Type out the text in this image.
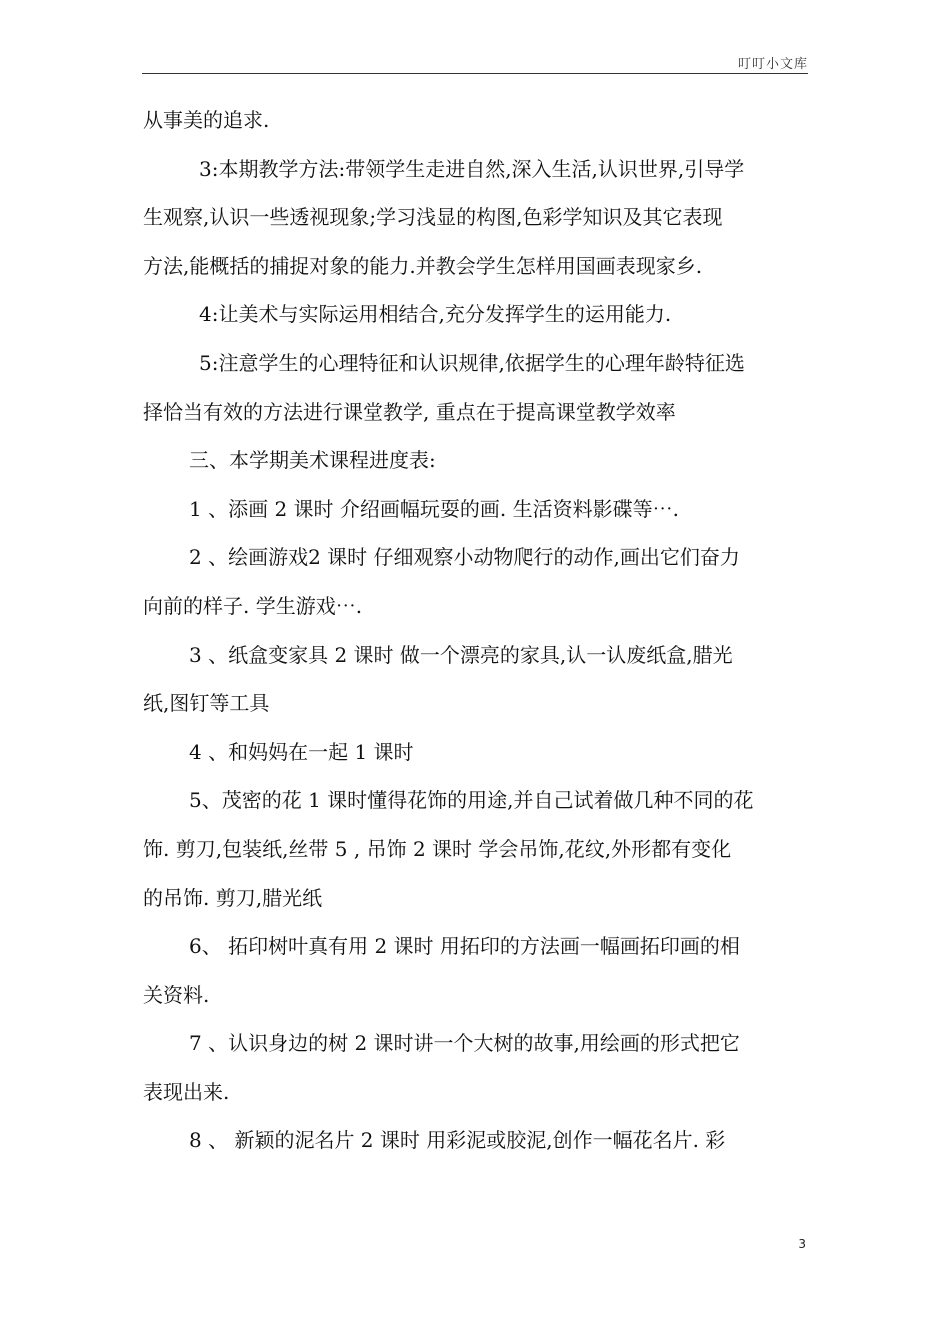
叮叮小文库
从事美的追求.
3:本期教学方法:带领学生走进自然,深入生活,认识世界,引导学
生观察,认识一些透视现象;学习浅显的构图,色彩学知识及其它表现
方法,能概括的捕捉对象的能力.并教会学生怎样用国画表现家乡.
4:让美术与实际运用相结合,充分发挥学生的运用能力.
5:注意学生的心理特征和认识规律,依据学生的心理年龄特征选
择恰当有效的方法进行课堂教学, 重点在于提高课堂教学效率
三、本学期美术课程进度表:
1 、添画 2 课时 介绍画幅玩耍的画. 生活资料影碟等⋯.
2 、绘画游戏2 课时 仔细观察小动物爬行的动作,画出它们奋力
向前的样子. 学生游戏⋯.
3 、纸盒变家具 2 课时 做一个漂亮的家具,认一认废纸盒,腊光
纸,图钉等工具
4 、和妈妈在一起 1 课时
5、茂密的花 1 课时懂得花饰的用途,并自己试着做几种不同的花
饰. 剪刀,包装纸,丝带 5 , 吊饰 2 课时 学会吊饰,花纹,外形都有变化
的吊饰. 剪刀,腊光纸
6、 拓印树叶真有用 2 课时 用拓印的方法画一幅画拓印画的相
关资料.
7 、认识身边的树 2 课时讲一个大树的故事,用绘画的形式把它
表现出来.
8 、 新颖的泥名片 2 课时 用彩泥或胶泥,创作一幅花名片. 彩
3
